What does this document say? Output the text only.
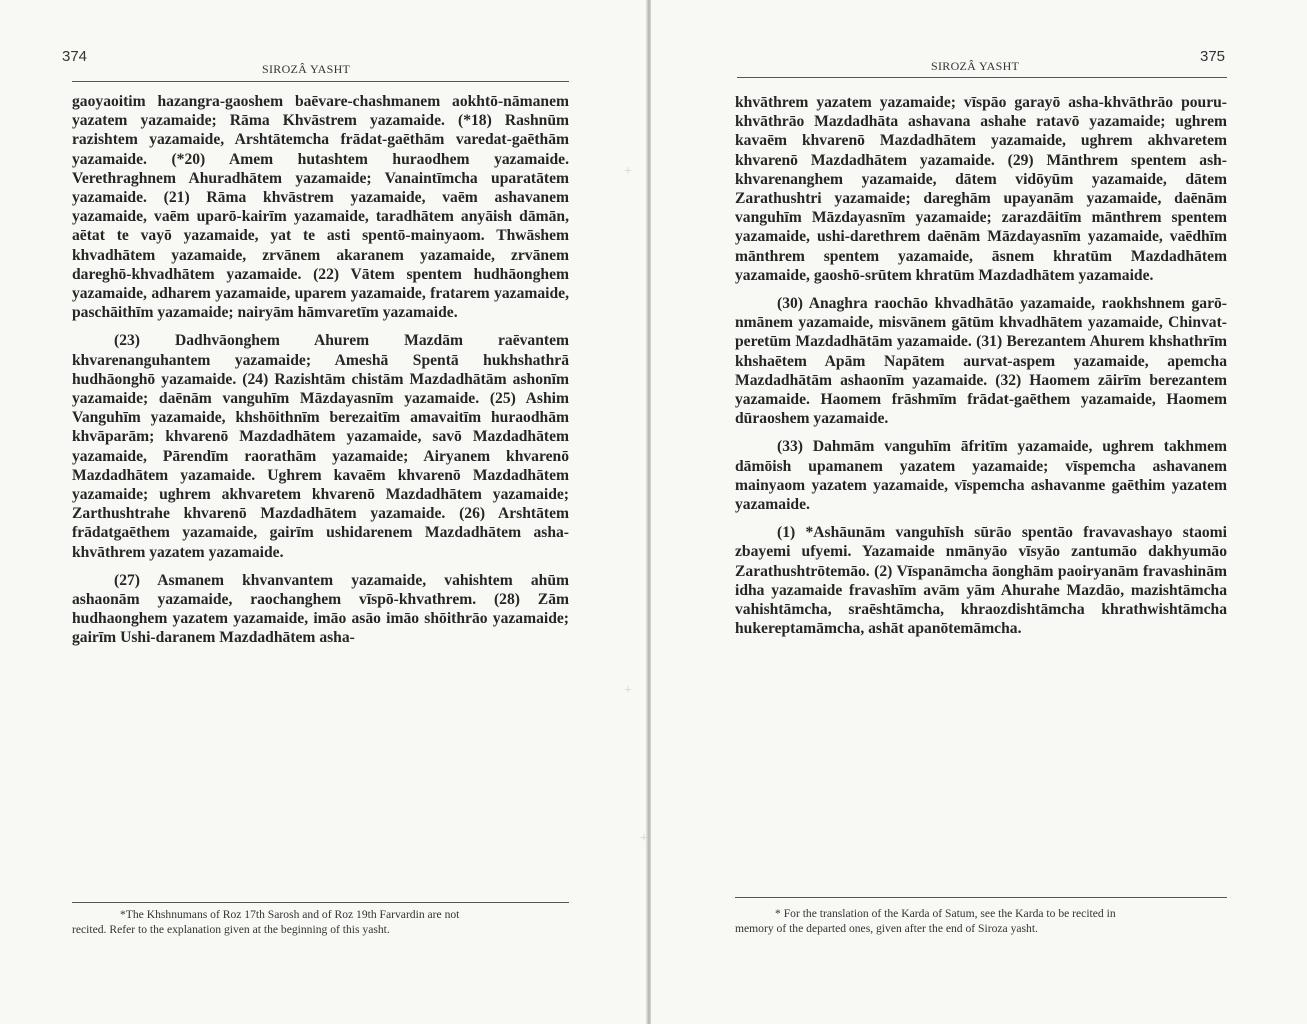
374
SIROZÂ YASHT

gaoyaoitim hazangra-gaoshem baēvare-chashmanem aokhtō-nāmanem yazatem yazamaide; Rāma Khvāstrem yazamaide. (*18) Rashnūm razishtem yazamaide, Arshtātemcha frādat-gaēthām varedat-gaēthām yazamaide. (*20) Amem hutashtem huraodhem yazamaide. Verethraghnem Ahuradhātem yazamaide; Vanaintīmcha uparatātem yazamaide. (21) Rāma khvāstrem yazamaide, vaēm ashavanem yazamaide, vaēm uparō-kairīm yazamaide, taradhātem anyāish dāmān, aētat te vayō yazamaide, yat te asti spentō-mainyaom. Thwāshem khvadhātem yazamaide, zrvānem akaranem yazamaide, zrvānem dareghō-khvadhātem yazamaide. (22) Vātem spentem hudhāonghem yazamaide, adharem yazamaide, uparem yazamaide, fratarem yazamaide, paschāithīm yazamaide; nairyām hāmvaretīm yazamaide.

(23) Dadhvāonghem Ahurem Mazdām raēvantem khvarenanguhantem yazamaide; Ameshā Spentā hukhshathrā hudhāonghō yazamaide. (24) Razishtām chistām Mazdadhātām ashonīm yazamaide; daēnām vanguhīm Māzdayasnīm yazamaide. (25) Ashim Vanguhīm yazamaide, khshōithnīm berezaitīm amavaitīm huraodhām khvāparām; khvarenō Mazdadhātem yazamaide, savō Mazdadhātem yazamaide, Pārendīm raorathām yazamaide; Airyanem khvarenō Mazdadhātem yazamaide. Ughrem kavaēm khvarenō Mazdadhātem yazamaide; ughrem akhvaretem khvarenō Mazdadhātem yazamaide; Zarthushtrahe khvarenō Mazdadhātem yazamaide. (26) Arshtātem frādatgaēthem yazamaide, gairīm ushidarenem Mazdadhātem asha-khvāthrem yazatem yazamaide.

(27) Asmanem khvanvantem yazamaide, vahishtem ahūm ashaonām yazamaide, raochanghem vīspō-khvathrem. (28) Zām hudhaonghem yazatem yazamaide, imāo asāo imāo shōithrāo yazamaide; gairīm Ushi-daranem Mazdadhātem asha-

*The Khshnumans of Roz 17th Sarosh and of Roz 19th Farvardin are not
recited. Refer to the explanation given at the beginning of this yasht.
375
SIROZÂ YASHT

khvāthrem yazatem yazamaide; vīspāo garayō asha-khvāthrāo pouru-khvāthrāo Mazdadhāta ashavana ashahe ratavō yazamaide; ughrem kavaēm khvarenō Mazdadhātem yazamaide, ughrem akhvaretem khvarenō Mazdadhātem yazamaide. (29) Mānthrem spentem ash-khvarenanghem yazamaide, dātem vidōyūm yazamaide, dātem Zarathushtri yazamaide; dareghām upayanām yazamaide, daēnām vanguhīm Māzdayasnīm yazamaide; zarazdāitīm mānthrem spentem yazamaide, ushi-darethrem daēnām Māzdayasnīm yazamaide, vaēdhīm mānthrem spentem yazamaide, āsnem khratūm Mazdadhātem yazamaide, gaoshō-srūtem khratūm Mazdadhātem yazamaide.

(30) Anaghra raochāo khvadhātāo yazamaide, raokhshnem garō-nmānem yazamaide, misvānem gātūm khvadhātem yazamaide, Chinvat-peretūm Mazdadhātām yazamaide. (31) Berezantem Ahurem khshathrīm khshaētem Apām Napātem aurvat-aspem yazamaide, apemcha Mazdadhātām ashaonīm yazamaide. (32) Haomem zāirīm berezantem yazamaide. Haomem frāshmīm frādat-gaēthem yazamaide, Haomem dūraoshem yazamaide.

(33) Dahmām vanguhīm āfritīm yazamaide, ughrem takhmem dāmōish upamanem yazatem yazamaide; vīspemcha ashavanem mainyaom yazatem yazamaide, vīspemcha ashavanme gaēthim yazatem yazamaide.

(1) *Ashāunām vanguhīsh sūrāo spentāo fravavashayo staomi zbayemi ufyemi. Yazamaide nmānyāo vīsyāo zantumāo dakhyumāo Zarathushtrōtemāo. (2) Vīspanāmcha āonghām paoiryanām fravashinām idha yazamaide fravashīm avām yām Ahurahe Mazdāo, mazishtāmcha vahishtāmcha, sraēshtāmcha, khraozdishtāmcha khrathwishtāmcha hukereptamāmcha, ashāt apanōtemāmcha.

* For the translation of the Karda of Satum, see the Karda to be recited in
memory of the departed ones, given after the end of Siroza yasht.
+
+
+
